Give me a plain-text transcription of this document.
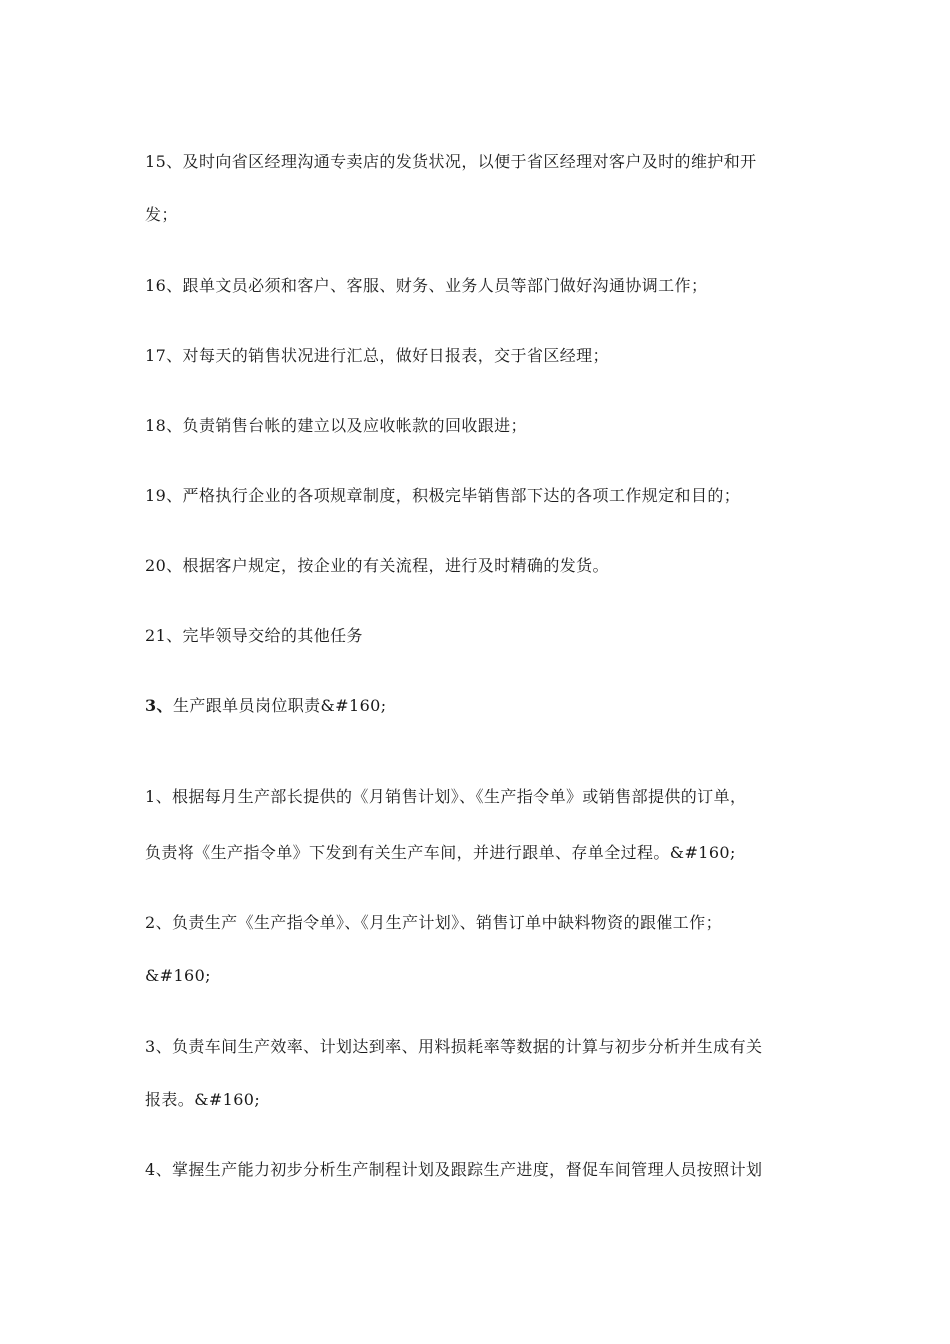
15、及时向省区经理沟通专卖店的发货状况，以便于省区经理对客户及时的维护和开
发；
16、跟单文员必须和客户、客服、财务、业务人员等部门做好沟通协调工作；
17、对每天的销售状况进行汇总，做好日报表，交于省区经理；
18、负责销售台帐的建立以及应收帐款的回收跟进；
19、严格执行企业的各项规章制度，积极完毕销售部下达的各项工作规定和目的；
20、根据客户规定，按企业的有关流程，进行及时精确的发货。
21、完毕领导交给的其他任务
3、生产跟单员岗位职责&#160;
1、根据每月生产部长提供的《月销售计划》、《生产指令单》或销售部提供的订单，
负责将《生产指令单》下发到有关生产车间，并进行跟单、存单全过程。&#160;
2、负责生产《生产指令单》、《月生产计划》、销售订单中缺料物资的跟催工作；
&#160;
3、负责车间生产效率、计划达到率、用料损耗率等数据的计算与初步分析并生成有关
报表。&#160;
4、掌握生产能力初步分析生产制程计划及跟踪生产进度，督促车间管理人员按照计划
